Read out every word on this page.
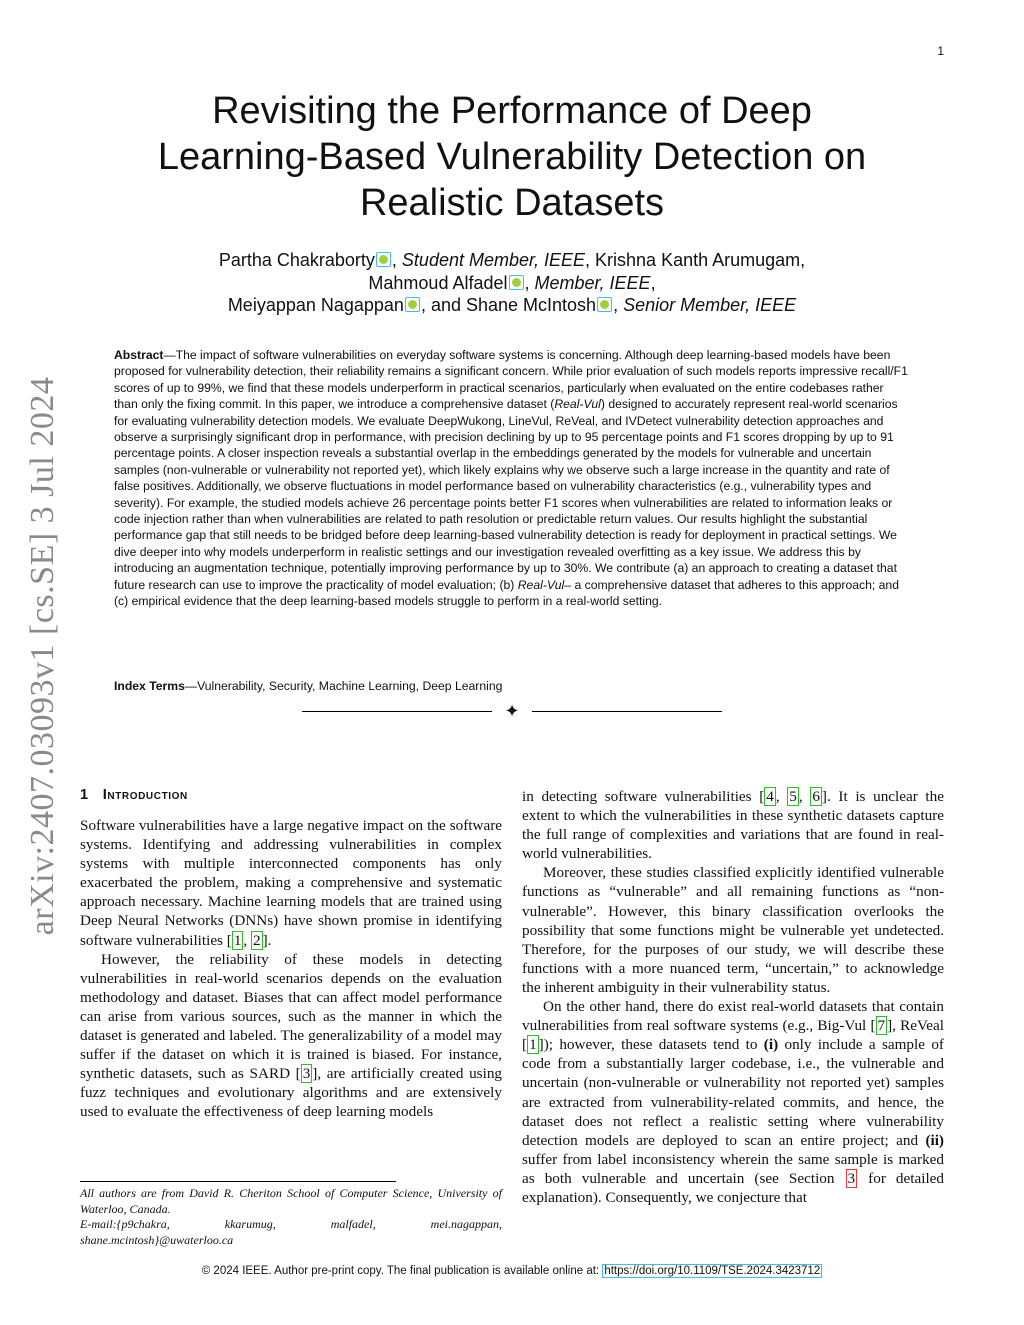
1
arXiv:2407.03093v1 [cs.SE] 3 Jul 2024
Revisiting the Performance of Deep
Learning-Based Vulnerability Detection on
Realistic Datasets
Partha Chakraborty , Student Member, IEEE, Krishna Kanth Arumugam,
Mahmoud Alfadel , Member, IEEE,
Meiyappan Nagappan , and Shane McIntosh , Senior Member, IEEE
Abstract—The impact of software vulnerabilities on everyday software systems is concerning. Although deep learning-based models have been proposed for vulnerability detection, their reliability remains a significant concern. While prior evaluation of such models reports impressive recall/F1 scores of up to 99%, we find that these models underperform in practical scenarios, particularly when evaluated on the entire codebases rather than only the fixing commit. In this paper, we introduce a comprehensive dataset (Real-Vul) designed to accurately represent real-world scenarios for evaluating vulnerability detection models. We evaluate DeepWukong, LineVul, ReVeal, and IVDetect vulnerability detection approaches and observe a surprisingly significant drop in performance, with precision declining by up to 95 percentage points and F1 scores dropping by up to 91 percentage points. A closer inspection reveals a substantial overlap in the embeddings generated by the models for vulnerable and uncertain samples (non-vulnerable or vulnerability not reported yet), which likely explains why we observe such a large increase in the quantity and rate of false positives. Additionally, we observe fluctuations in model performance based on vulnerability characteristics (e.g., vulnerability types and severity). For example, the studied models achieve 26 percentage points better F1 scores when vulnerabilities are related to information leaks or code injection rather than when vulnerabilities are related to path resolution or predictable return values. Our results highlight the substantial performance gap that still needs to be bridged before deep learning-based vulnerability detection is ready for deployment in practical settings. We dive deeper into why models underperform in realistic settings and our investigation revealed overfitting as a key issue. We address this by introducing an augmentation technique, potentially improving performance by up to 30%. We contribute (a) an approach to creating a dataset that future research can use to improve the practicality of model evaluation; (b) Real-Vul– a comprehensive dataset that adheres to this approach; and (c) empirical evidence that the deep learning-based models struggle to perform in a real-world setting.
Index Terms—Vulnerability, Security, Machine Learning, Deep Learning
✦
1 Introduction

Software vulnerabilities have a large negative impact on the software systems. Identifying and addressing vulnerabilities in complex systems with multiple interconnected components has only exacerbated the problem, making a comprehensive and systematic approach necessary. Machine learning models that are trained using Deep Neural Networks (DNNs) have shown promise in identifying software vulnerabilities [ 1 , 2 ].

However, the reliability of these models in detecting vulnerabilities in real-world scenarios depends on the evaluation methodology and dataset. Biases that can affect model performance can arise from various sources, such as the manner in which the dataset is generated and labeled. The generalizability of a model may suffer if the dataset on which it is trained is biased. For instance, synthetic datasets, such as SARD [ 3 ], are artificially created using fuzz techniques and evolutionary algorithms and are extensively used to evaluate the effectiveness of deep learning models

in detecting software vulnerabilities [ 4 , 5 , 6 ]. It is unclear the extent to which the vulnerabilities in these synthetic datasets capture the full range of complexities and variations that are found in real-world vulnerabilities.

Moreover, these studies classified explicitly identified vulnerable functions as “vulnerable” and all remaining functions as “non-vulnerable”. However, this binary classification overlooks the possibility that some functions might be vulnerable yet undetected. Therefore, for the purposes of our study, we will describe these functions with a more nuanced term, “uncertain,” to acknowledge the inherent ambiguity in their vulnerability status.

On the other hand, there do exist real-world datasets that contain vulnerabilities from real software systems (e.g., Big-Vul [ 7 ], ReVeal [ 1 ]); however, these datasets tend to (i) only include a sample of code from a substantially larger codebase, i.e., the vulnerable and uncertain (non-vulnerable or vulnerability not reported yet) samples are extracted from vulnerability-related commits, and hence, the dataset does not reflect a realistic setting where vulnerability detection models are deployed to scan an entire project; and (ii) suffer from label inconsistency wherein the same sample is marked as both vulnerable and uncertain (see Section 3 for detailed explanation). Consequently, we conjecture that

All authors are from David R. Cheriton School of Computer Science, University of Waterloo, Canada.

E-mail:{p9chakra, kkarumug, malfadel, mei.nagappan, shane.mcintosh}@uwaterloo.ca

© 2024 IEEE. Author pre-print copy. The final publication is available online at: https://doi.org/10.1109/TSE.2024.3423712
